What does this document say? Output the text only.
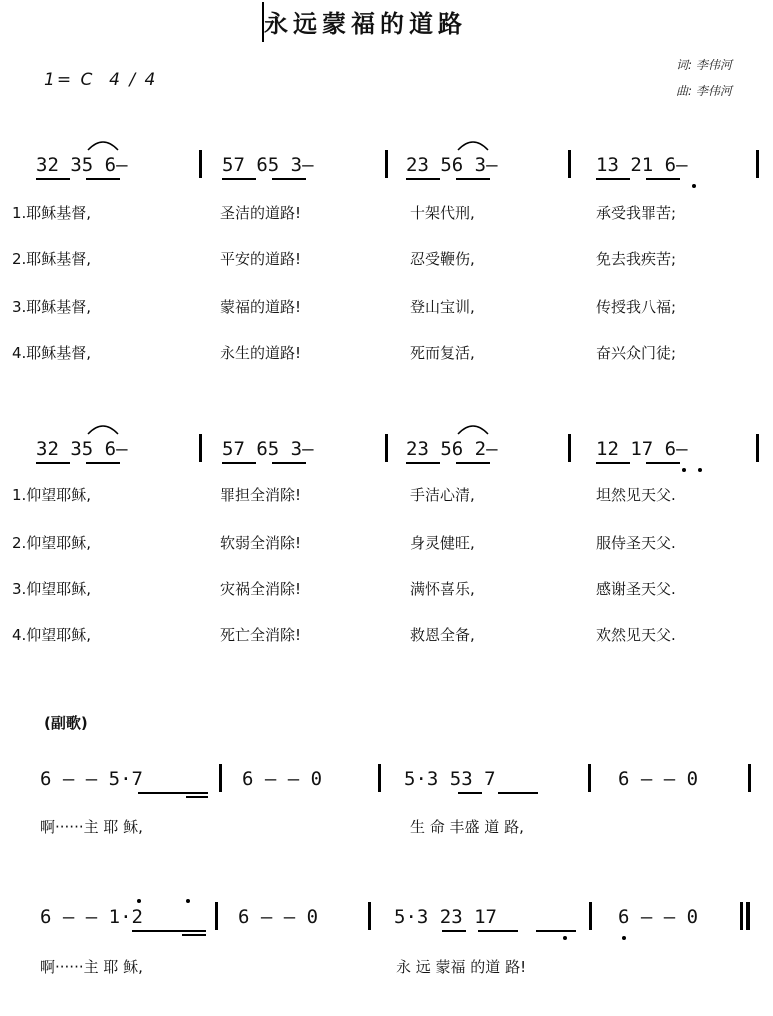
永远蒙福的道路
1= C  4 / 4
词: 李伟河
曲: 李伟河

32 35 6–

	57 65 3–

	23 56 3–

	13 21 6–

1.耶稣基督,

	圣洁的道路!

	十架代刑,

	承受我罪苦;

2.耶稣基督,

	平安的道路!

	忍受鞭伤,

	免去我疾苦;

3.耶稣基督,

	蒙福的道路!

	登山宝训,

	传授我八福;

4.耶稣基督,

	永生的道路!

	死而复活,

	奋兴众门徒;

32 35 6–

	57 65 3–

	23 56 2–

	12 17 6–

1.仰望耶稣,

	罪担全消除!

	手洁心清,

	坦然见天父.

2.仰望耶稣,

	软弱全消除!

	身灵健旺,

	服侍圣天父.

3.仰望耶稣,

	灾祸全消除!

	满怀喜乐,

	感谢圣天父.

4.仰望耶稣,

	死亡全消除!

	救恩全备,

	欢然见天父.

(副歌)

6 – – 5·7

	6 – – 0

	5·3 53 7

	6 – – 0

啊······主 耶 稣,

	生 命 丰盛 道 路,

6 – – 1·2

	6 – – 0

	5·3 23 17

	6 – – 0

啊······主 耶 稣,

	永 远 蒙福 的道 路!
